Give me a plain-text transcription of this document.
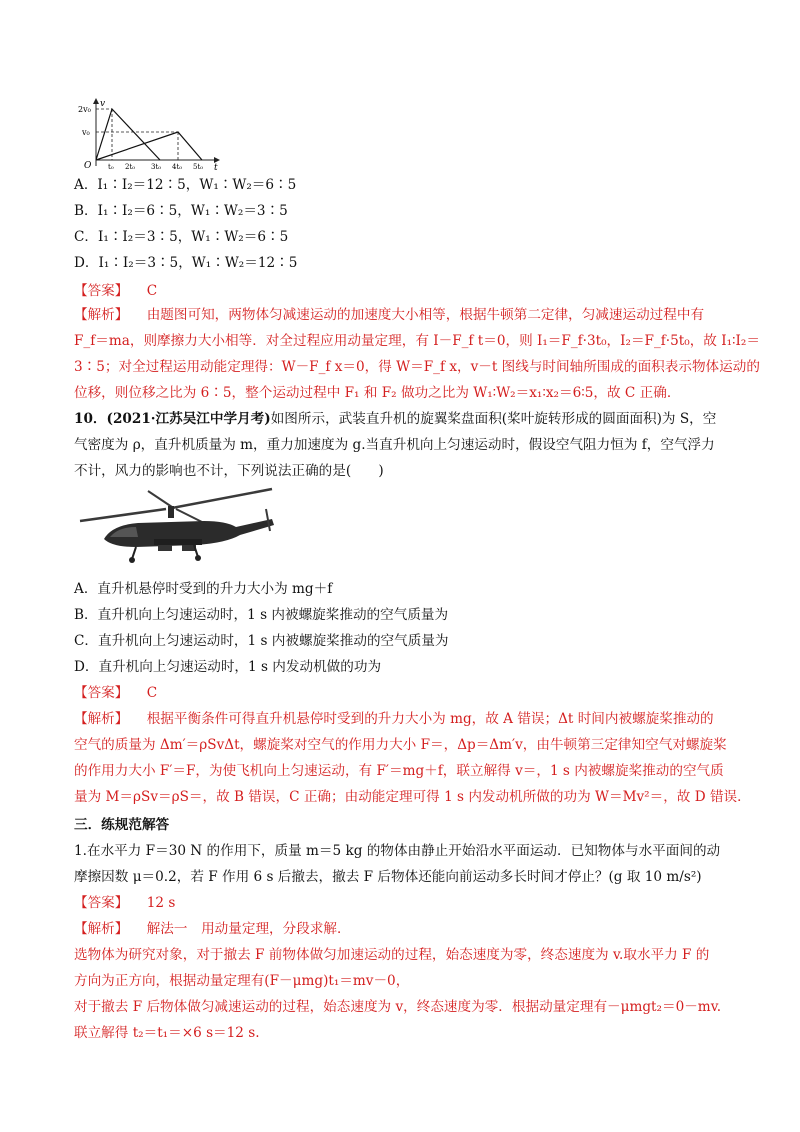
v
t
O
2v₀
v₀
t₀ 2t₀ 3t₀ 4t₀ 5t₀
A．I₁∶I₂＝12∶5，W₁∶W₂＝6∶5
B．I₁∶I₂＝6∶5，W₁∶W₂＝3∶5
C．I₁∶I₂＝3∶5，W₁∶W₂＝6∶5
D．I₁∶I₂＝3∶5，W₁∶W₂＝12∶5
【答案】 C
【解析】 由题图可知，两物体匀减速运动的加速度大小相等，根据牛顿第二定律，匀减速运动过程中有
F_f＝ma，则摩擦力大小相等．对全过程应用动量定理，有 I－F_f t＝0，则 I₁＝F_f·3t₀，I₂＝F_f·5t₀，故 I₁∶I₂＝
3∶5；对全过程运用动能定理得：W－F_f x＝0，得 W＝F_f x，v－t 图线与时间轴所围成的面积表示物体运动的
位移，则位移之比为 6∶5，整个运动过程中 F₁ 和 F₂ 做功之比为 W₁∶W₂＝x₁∶x₂＝6∶5，故 C 正确．
10．(2021·江苏吴江中学月考)如图所示，武装直升机的旋翼桨盘面积(桨叶旋转形成的圆面面积)为 S，空
气密度为 ρ，直升机质量为 m，重力加速度为 g.当直升机向上匀速运动时，假设空气阻力恒为 f，空气浮力
不计，风力的影响也不计，下列说法正确的是(　　)
A．直升机悬停时受到的升力大小为 mg＋f
B．直升机向上匀速运动时，1 s 内被螺旋桨推动的空气质量为
C．直升机向上匀速运动时，1 s 内被螺旋桨推动的空气质量为
D．直升机向上匀速运动时，1 s 内发动机做的功为
【答案】 C
【解析】 根据平衡条件可得直升机悬停时受到的升力大小为 mg，故 A 错误；Δt 时间内被螺旋桨推动的
空气的质量为 Δm′＝ρSvΔt，螺旋桨对空气的作用力大小 F＝，Δp＝Δm′v，由牛顿第三定律知空气对螺旋桨
的作用力大小 F′＝F，为使飞机向上匀速运动，有 F′＝mg＋f，联立解得 v＝，1 s 内被螺旋桨推动的空气质
量为 M＝ρSv＝ρS＝，故 B 错误，C 正确；由动能定理可得 1 s 内发动机所做的功为 W＝Mv²＝，故 D 错误．
三．练规范解答
1.在水平力 F＝30 N 的作用下，质量 m＝5 kg 的物体由静止开始沿水平面运动．已知物体与水平面间的动
摩擦因数 μ＝0.2，若 F 作用 6 s 后撤去，撤去 F 后物体还能向前运动多长时间才停止？(g 取 10 m/s²)
【答案】 12 s
【解析】 解法一　用动量定理，分段求解．
选物体为研究对象，对于撤去 F 前物体做匀加速运动的过程，始态速度为零，终态速度为 v.取水平力 F 的
方向为正方向，根据动量定理有(F－μmg)t₁＝mv－0，
对于撤去 F 后物体做匀减速运动的过程，始态速度为 v，终态速度为零．根据动量定理有－μmgt₂＝0－mv.
联立解得 t₂＝t₁＝×6 s＝12 s.
